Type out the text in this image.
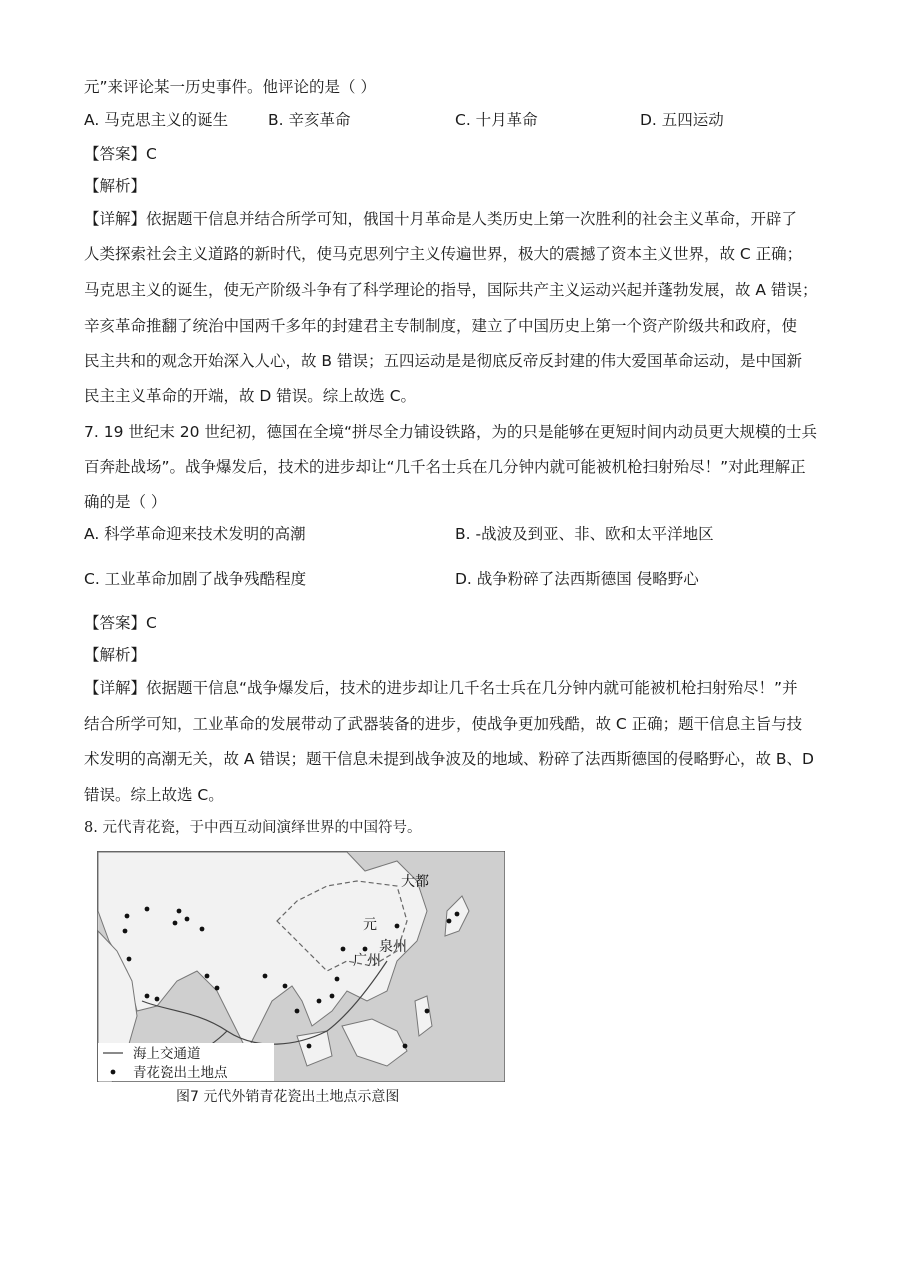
元”来评论某一历史事件。他评论的是（ ）
A. 马克思主义的诞生	B. 辛亥革命	C. 十月革命	D. 五四运动
【答案】C
【解析】
【详解】依据题干信息并结合所学可知，俄国十月革命是人类历史上第一次胜利的社会主义革命，开辟了
人类探索社会主义道路的新时代，使马克思列宁主义传遍世界，极大的震撼了资本主义世界，故 C 正确；
马克思主义的诞生，使无产阶级斗争有了科学理论的指导，国际共产主义运动兴起并蓬勃发展，故 A 错误；
辛亥革命推翻了统治中国两千多年的封建君主专制制度，建立了中国历史上第一个资产阶级共和政府，使
民主共和的观念开始深入人心，故 B 错误；五四运动是是彻底反帝反封建的伟大爱国革命运动，是中国新
民主主义革命的开端，故 D 错误。综上故选 C。
7. 19 世纪末 20 世纪初，德国在全境“拼尽全力铺设铁路，为的只是能够在更短时间内动员更大规模的士兵
百奔赴战场”。战争爆发后，技术的进步却让“几千名士兵在几分钟内就可能被机枪扫射殆尽！”对此理解正
确的是（ ）
A. 科学革命迎来技术发明的高潮	B. -战波及到亚、非、欧和太平洋地区
C. 工业革命加剧了战争残酷程度	D. 战争粉碎了法西斯德国 侵略野心
【答案】C
【解析】
【详解】依据题干信息“战争爆发后，技术的进步却让几千名士兵在几分钟内就可能被机枪扫射殆尽！”并
结合所学可知，工业革命的发展带动了武器装备的进步，使战争更加残酷，故 C 正确；题干信息主旨与技
术发明的高潮无关，故 A 错误；题干信息未提到战争波及的地域、粉碎了法西斯德国的侵略野心，故 B、D
错误。综上故选 C。
8. 元代青花瓷，于中西互动间演绎世界的中国符号。
大都
元
泉州
广州
海上交通道
青花瓷出土地点
图7 元代外销青花瓷出土地点示意图
